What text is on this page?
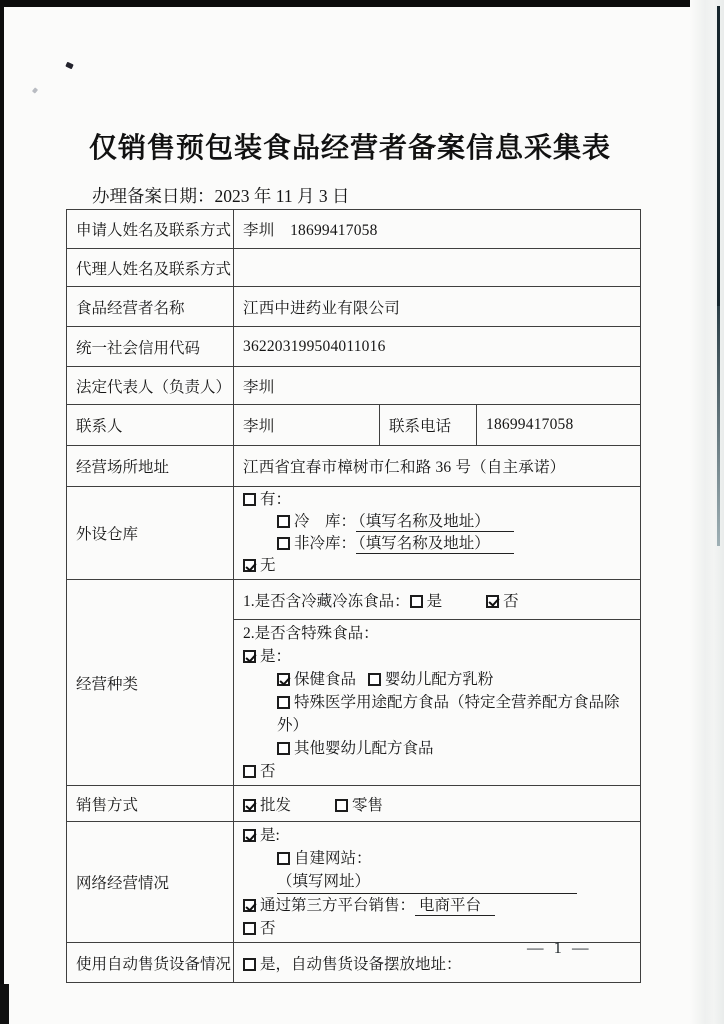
仅销售预包装食品经营者备案信息采集表
办理备案日期：2023 年 11 月 3 日
申请人姓名及联系方式	李圳　18699417058		
代理人姓名及联系方式			
食品经营者名称	江西中进药业有限公司		
统一社会信用代码	362203199504011016		
法定代表人（负责人）	李圳		
联系人	李圳	联系电话	18699417058
经营场所地址	江西省宜春市樟树市仁和路 36 号（自主承诺）		
外设仓库	有：
冷　库： （填写名称及地址）
非冷库： （填写名称及地址）
无		

经营种类	1.是否含冷藏冷冻食品： 是 否		

2.是否含特殊食品：
是：
保健食品 婴幼儿配方乳粉
特殊医学用途配方食品（特定全营养配方食品除外）
其他婴幼儿配方食品
否

销售方式	批发 零售		
网络经营情况	是:
自建网站：（填写网址）
通过第三方平台销售： 电商平台
否		

使用自动售货设备情况	是，自动售货设备摆放地址：		
— 1 —
